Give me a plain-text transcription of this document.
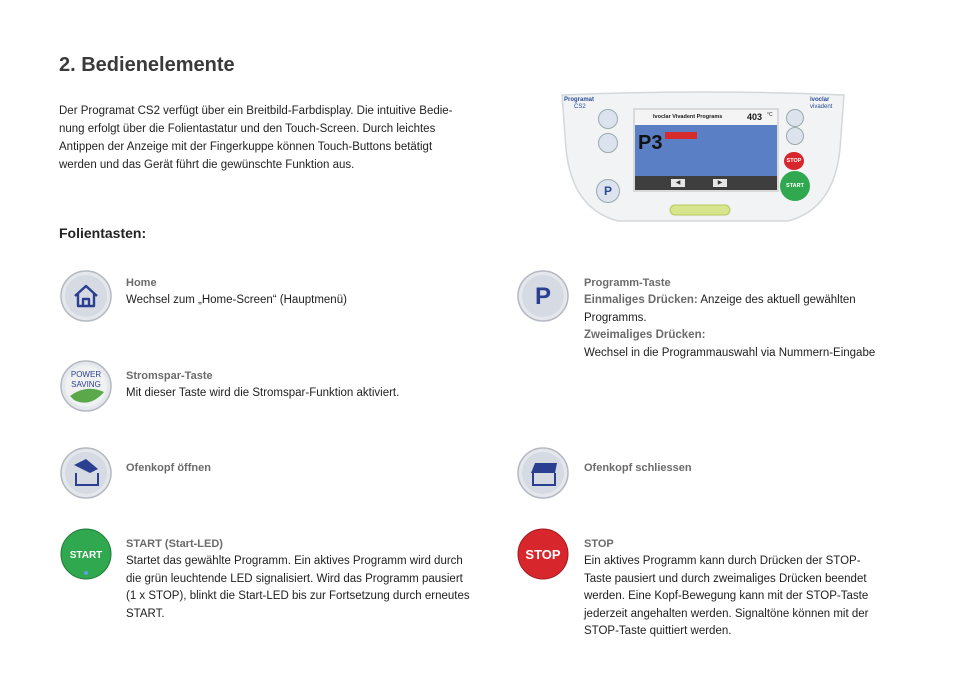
2. Bedienelemente
Der Programat CS2 verfügt über ein Breitbild-Farbdisplay. Die intuitive Bedie-
nung erfolgt über die Folientastatur und den Touch-Screen. Durch leichtes
Antippen der Anzeige mit der Fingerkuppe können Touch-Buttons betätigt
werden und das Gerät führt die gewünschte Funktion aus.
Programat
CS2
ivoclar
vivadent
P
Ivoclar Vivadent Programs	403 °C
P3
◀	▶
STOP
START
Folientasten:
Home
Wechsel zum „Home-Screen“ (Hauptmenü)
POWER
SAVING
Stromspar-Taste
Mit dieser Taste wird die Stromspar-Funktion aktiviert.
Ofenkopf öffnen
START
START (Start-LED)
Startet das gewählte Programm. Ein aktives Programm wird durch
die grün leuchtende LED signalisiert. Wird das Programm pausiert
(1 x STOP), blinkt die Start-LED bis zur Fortsetzung durch erneutes
START.
P	Programm-Taste
Einmaliges Drücken: Anzeige des aktuell gewählten
Programms.
Zweimaliges Drücken:
Wechsel in die Programmauswahl via Nummern-Eingabe
Ofenkopf schliessen
STOP
STOP
Ein aktives Programm kann durch Drücken der STOP-
Taste pausiert und durch zweimaliges Drücken beendet
werden. Eine Kopf-Bewegung kann mit der STOP-Taste
jederzeit angehalten werden. Signaltöne können mit der
STOP-Taste quittiert werden.
